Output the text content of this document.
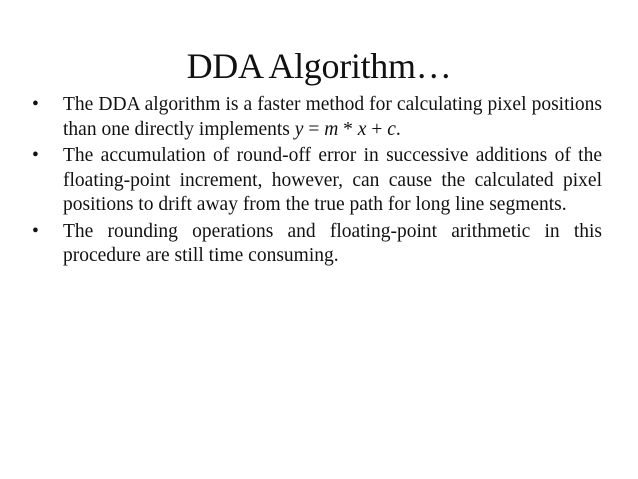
DDA Algorithm…
• The DDA algorithm is a faster method for calculating pixel positions than one directly implements y = m * x + c.
• The accumulation of round-off error in successive additions of the floating-point increment, however, can cause the calculated pixel positions to drift away from the true path for long line segments.
• The rounding operations and floating-point arithmetic in this procedure are still time consuming.
